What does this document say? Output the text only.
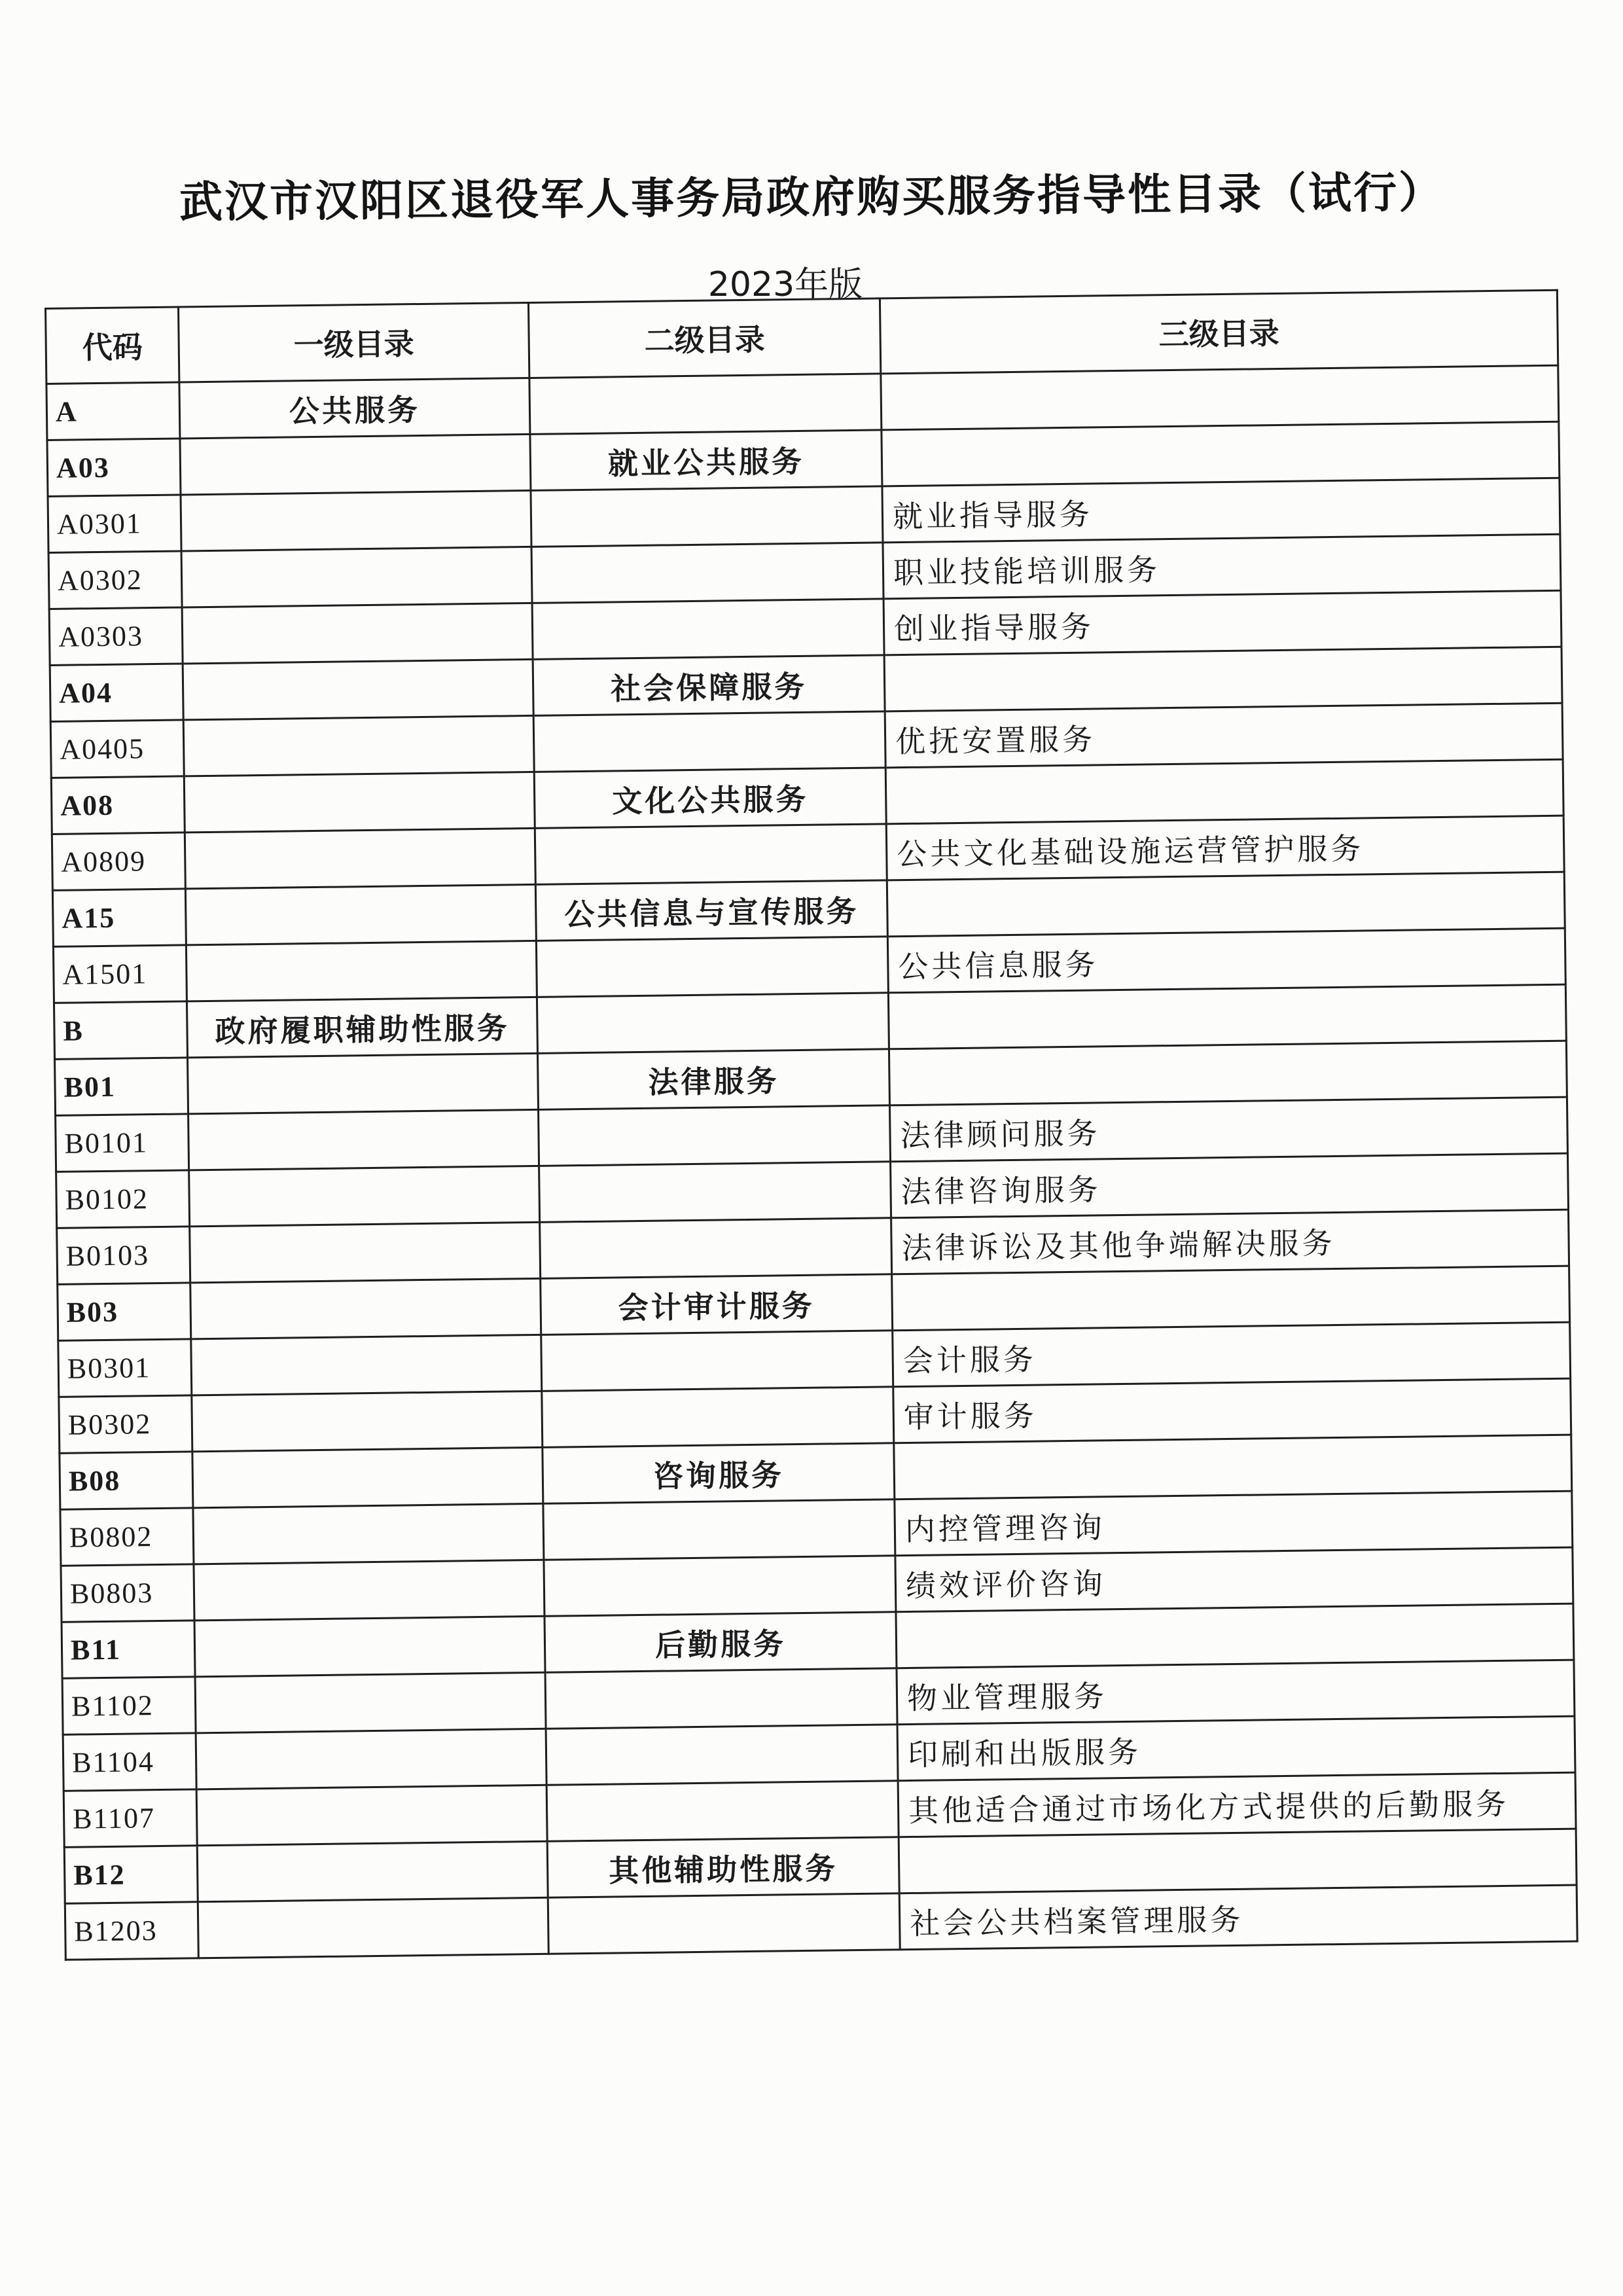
武汉市汉阳区退役军人事务局政府购买服务指导性目录（试行）
2023年版
代码	一级目录	二级目录	三级目录
A	公共服务		
A03		就业公共服务	
A0301			就业指导服务
A0302			职业技能培训服务
A0303			创业指导服务
A04		社会保障服务	
A0405			优抚安置服务
A08		文化公共服务	
A0809			公共文化基础设施运营管护服务
A15		公共信息与宣传服务	
A1501			公共信息服务
B	政府履职辅助性服务		
B01		法律服务	
B0101			法律顾问服务
B0102			法律咨询服务
B0103			法律诉讼及其他争端解决服务
B03		会计审计服务	
B0301			会计服务
B0302			审计服务
B08		咨询服务	
B0802			内控管理咨询
B0803			绩效评价咨询
B11		后勤服务	
B1102			物业管理服务
B1104			印刷和出版服务
B1107			其他适合通过市场化方式提供的后勤服务
B12		其他辅助性服务	
B1203			社会公共档案管理服务
